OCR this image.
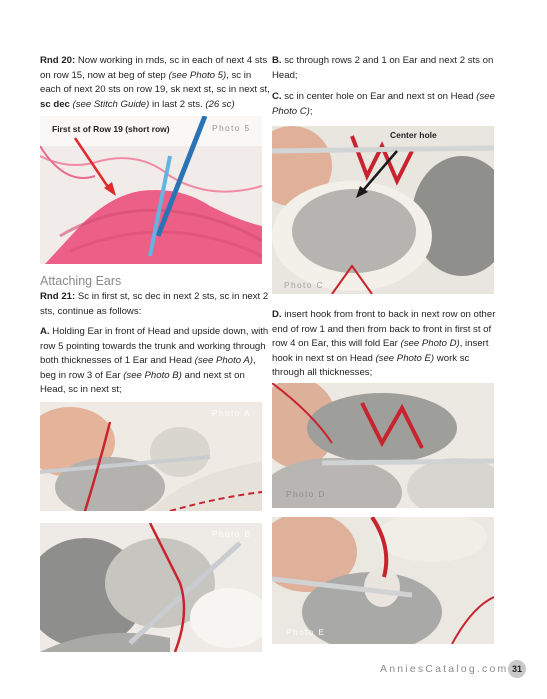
Rnd 20: Now working in rnds, sc in each of next 4 sts on row 15, now at beg of step (see Photo 5), sc in each of next 20 sts on row 19, sk next st, sc in next st, sc dec (see Stitch Guide) in last 2 sts. (26 sc)
First st of Row 19 (short row)	Photo 5
Attaching Ears
Rnd 21: Sc in first st, sc dec in next 2 sts, sc in next 2 sts, continue as follows:
A. Holding Ear in front of Head and upside down, with row 5 pointing towards the trunk and working through both thicknesses of 1 Ear and Head (see Photo A), beg in row 3 of Ear (see Photo B) and next st on Head, sc in next st;
Photo A
Photo B
B. sc through rows 2 and 1 on Ear and next 2 sts on Head;
C. sc in center hole on Ear and next st on Head (see Photo C);
Center hole
Photo C
D. insert hook from front to back in next row on other end of row 1 and then from back to front in first st of row 4 on Ear, this will fold Ear (see Photo D), insert hook in next st on Head (see Photo E) work sc through all thicknesses;
Photo D
Photo E
AnniesCatalog.com 31
